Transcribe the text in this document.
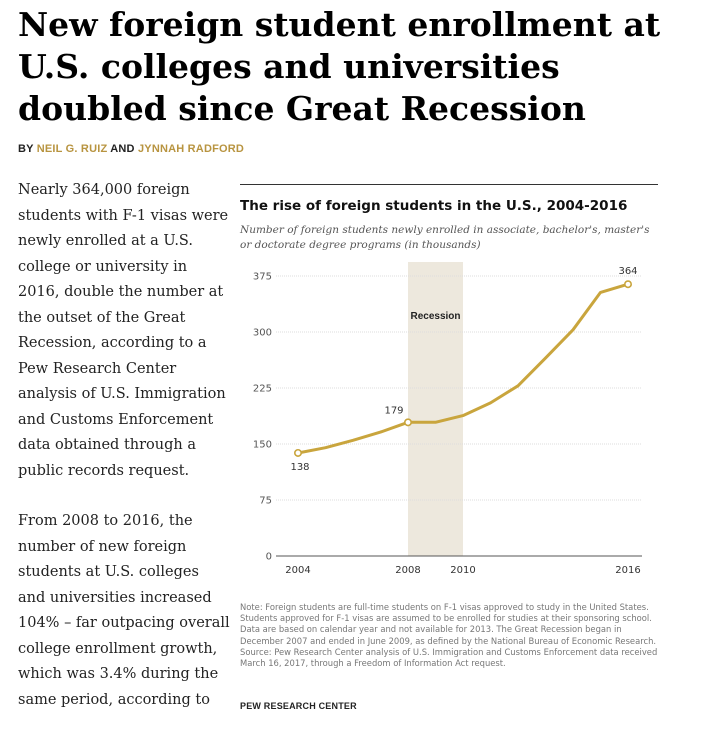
New foreign student enrollment at U.S. colleges and universities doubled since Great Recession
BY NEIL G. RUIZ AND JYNNAH RADFORD

Nearly 364,000 foreign students with F-1 visas were newly enrolled at a U.S. college or university in 2016, double the number at the outset of the Great Recession, according to a Pew Research Center analysis of U.S. Immigration and Customs Enforcement data obtained through a public records request.

From 2008 to 2016, the number of new foreign students at U.S. colleges and universities increased 104% – far outpacing overall college enrollment growth, which was 3.4% during the same period, according to

The rise of foreign students in the U.S., 2004-2016
Number of foreign students newly enrolled in associate, bachelor's, master's or doctorate degree programs (in thousands)
Recession
0
75
150
225
300
375
2004	2008	2010	2016
138
179
364
Note: Foreign students are full-time students on F-1 visas approved to study in the United States. Students approved for F-1 visas are assumed to be enrolled for studies at their sponsoring school. Data are based on calendar year and not available for 2013. The Great Recession began in December 2007 and ended in June 2009, as defined by the National Bureau of Economic Research.
Source: Pew Research Center analysis of U.S. Immigration and Customs Enforcement data received March 16, 2017, through a Freedom of Information Act request.
PEW RESEARCH CENTER
